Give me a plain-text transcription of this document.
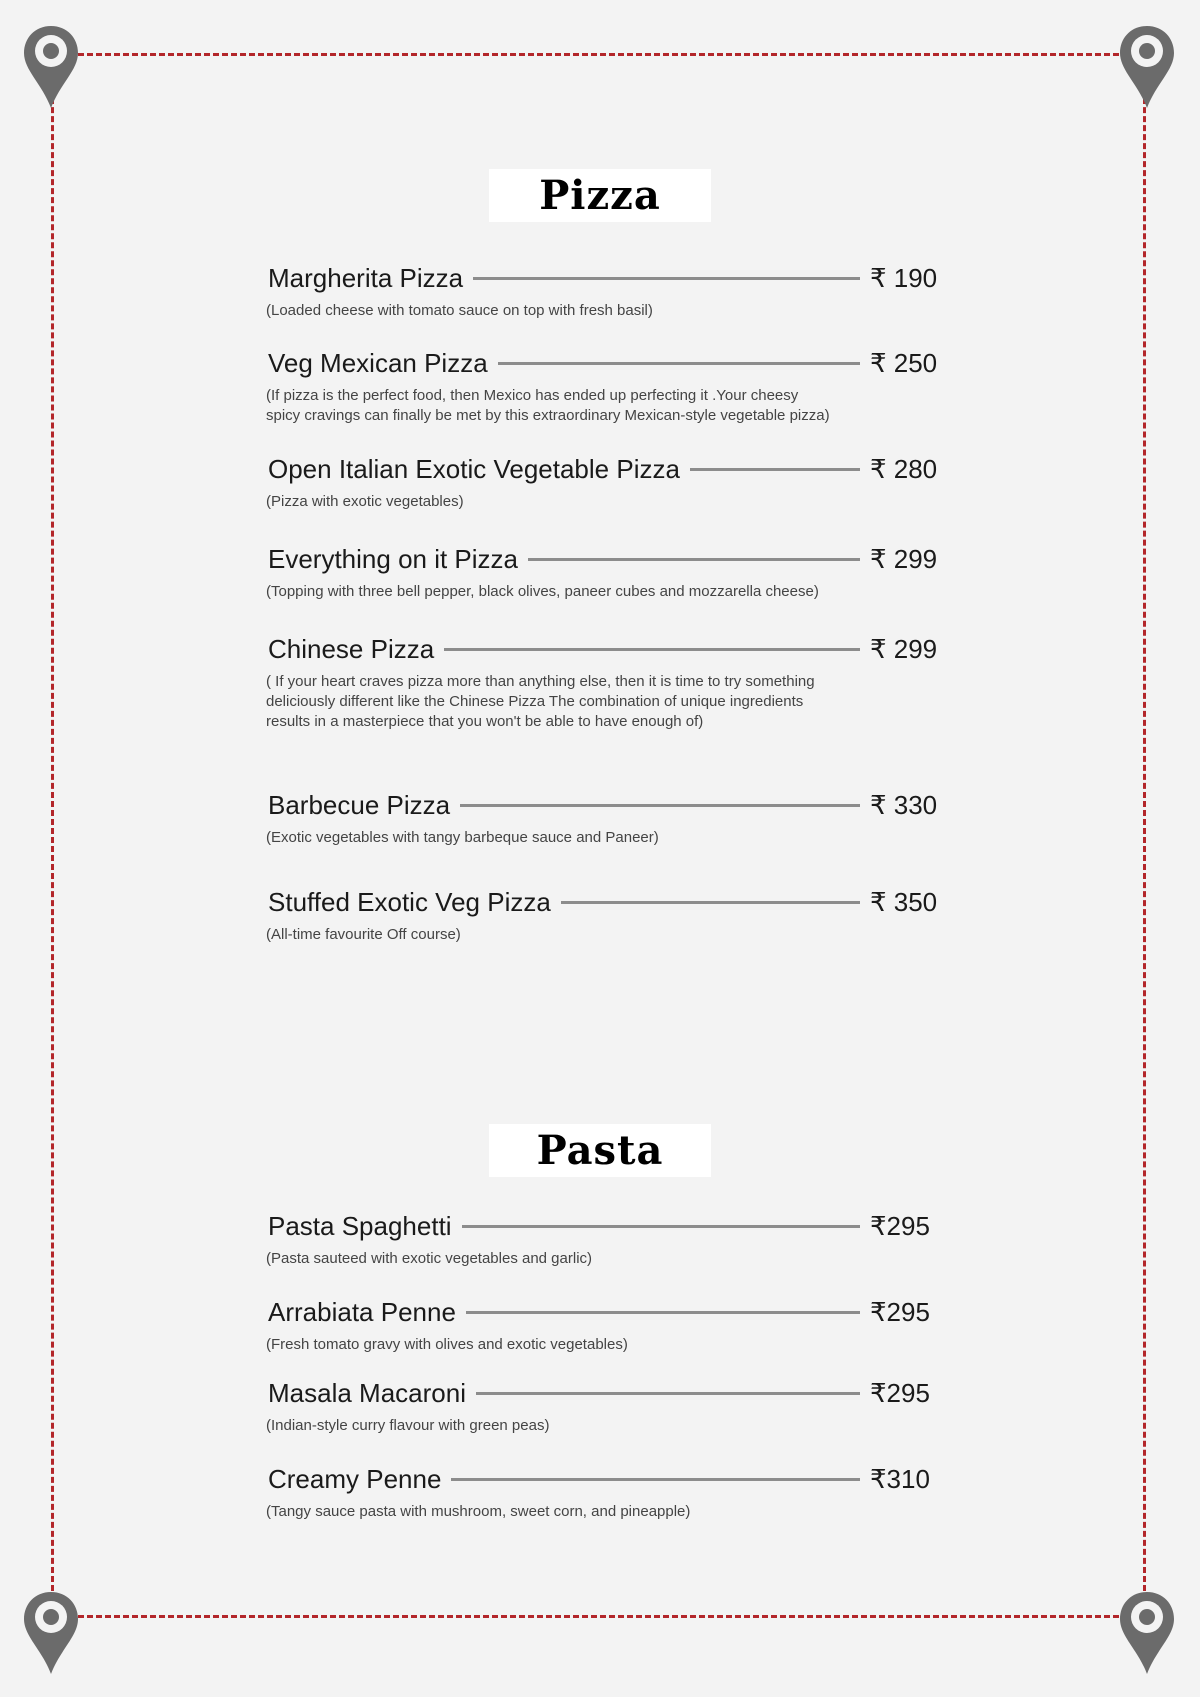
Pizza
Margherita Pizza	₹ 190
(Loaded cheese with tomato sauce on top with fresh basil)
Veg Mexican Pizza	₹ 250
(If pizza is the perfect food, then Mexico has ended up perfecting it .Your cheesy
spicy cravings can finally be met by this extraordinary Mexican-style vegetable pizza)
Open Italian Exotic Vegetable Pizza	₹ 280
(Pizza with exotic vegetables)
Everything on it Pizza	₹ 299
(Topping with three bell pepper, black olives, paneer cubes and mozzarella cheese)
Chinese Pizza	₹ 299
( If your heart craves pizza more than anything else, then it is time to try something
deliciously different like the Chinese Pizza The combination of unique ingredients
results in a masterpiece that you won't be able to have enough of)
Barbecue Pizza	₹ 330
(Exotic vegetables with tangy barbeque sauce and Paneer)
Stuffed Exotic Veg Pizza	₹ 350
(All-time favourite Off course)
Pasta
Pasta Spaghetti	₹295
(Pasta sauteed with exotic vegetables and garlic)
Arrabiata Penne	₹295
(Fresh tomato gravy with olives and exotic vegetables)
Masala Macaroni	₹295
(Indian-style curry flavour with green peas)
Creamy Penne	₹310
(Tangy sauce pasta with mushroom, sweet corn, and pineapple)
